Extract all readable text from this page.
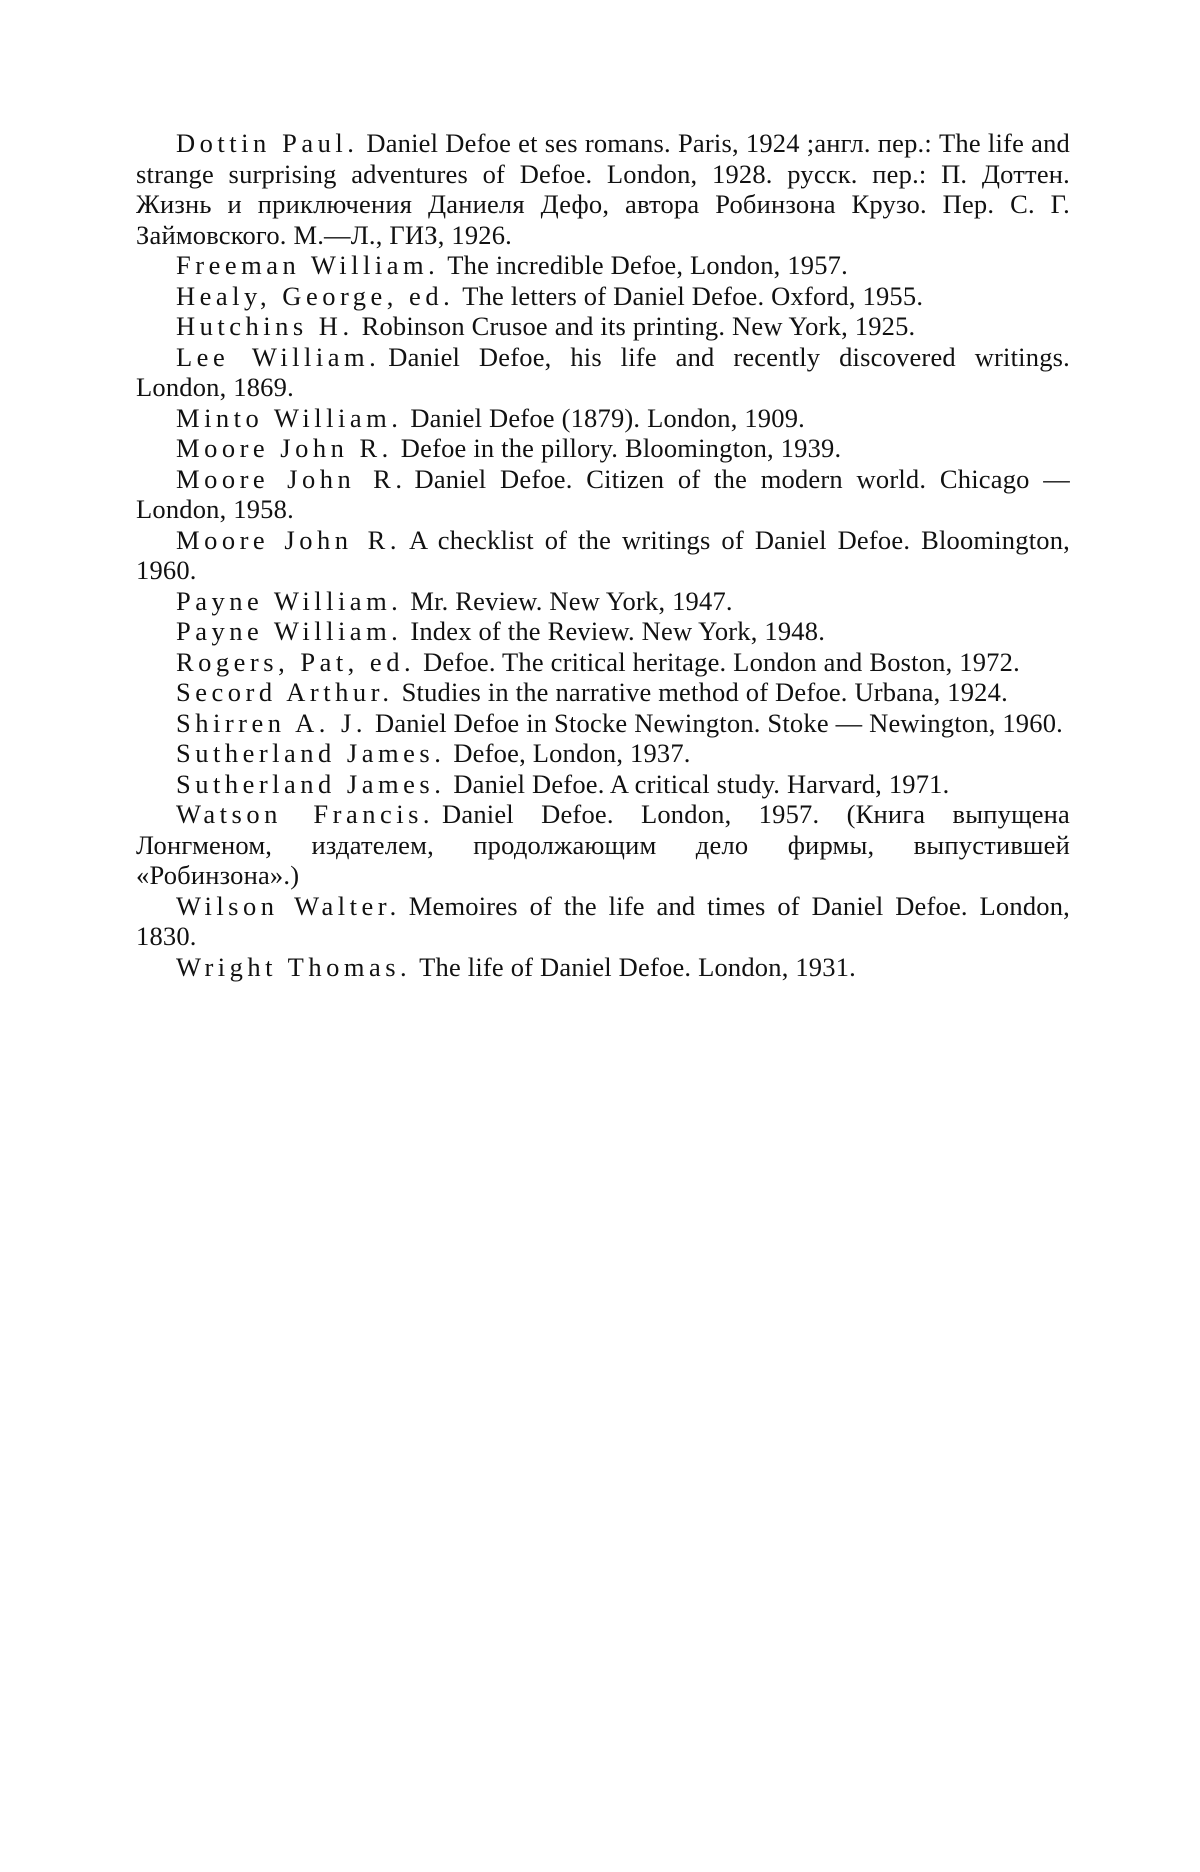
Dottin Paul. Daniel Defoe et ses romans. Paris, 1924 ;англ. пер.: The life and strange surprising adventures of Defoe. London, 1928. русск. пер.: П. Доттен. Жизнь и приключения Даниеля Дефо, автора Робинзона Крузо. Пер. С. Г. Займовского. М.—Л., ГИЗ, 1926.

Freeman William. The incredible Defoe, London, 1957.

Healy, George, ed. The letters of Daniel Defoe. Oxford, 1955.

Hutchins H. Robinson Crusoe and its printing. New York, 1925.

Lee William. Daniel Defoe, his life and recently discovered writings. London, 1869.

Minto William. Daniel Defoe (1879). London, 1909.

Moore John R. Defoe in the pillory. Bloomington, 1939.

Moore John R. Daniel Defoe. Citizen of the modern world. Chicago — London, 1958.

Moore John R. A checklist of the writings of Daniel Defoe. Bloomington, 1960.

Payne William. Mr. Review. New York, 1947.

Payne William. Index of the Review. New York, 1948.

Rogers, Pat, ed. Defoe. The critical heritage. London and Boston, 1972.

Secord Arthur. Studies in the narrative method of Defoe. Urbana, 1924.

Shirren A. J. Daniel Defoe in Stocke Newington. Stoke — Newington, 1960.

Sutherland James. Defoe, London, 1937.

Sutherland James. Daniel Defoe. A critical study. Harvard, 1971.

Watson Francis. Daniel Defoe. London, 1957. (Книга выпущена Лонгменом, издателем, продолжающим дело фирмы, выпустившей «Робинзона».)

Wilson Walter. Memoires of the life and times of Daniel Defoe. London, 1830.

Wright Thomas. The life of Daniel Defoe. London, 1931.
